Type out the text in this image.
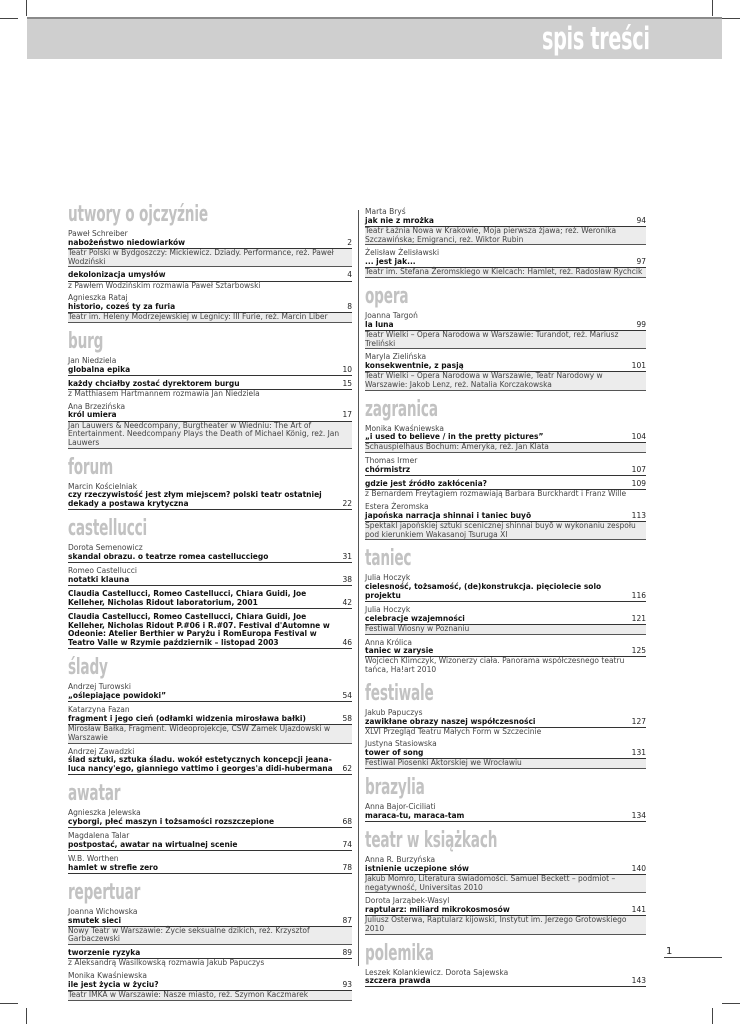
spis treści
utwory o ojczyźnie
Paweł Schreiber
nabożeństwo niedowiarków	2
Teatr Polski w Bydgoszczy: Mickiewicz. Dziady. Performance, reż. Paweł Wodziński
dekolonizacja umysłów	4
z Pawłem Wodzińskim rozmawia Paweł Sztarbowski
Agnieszka Rataj
historio, coześ ty za furia	8
Teatr im. Heleny Modrzejewskiej w Legnicy: III Furie, reż. Marcin Liber
burg
Jan Niedziela
globalna epika	10
każdy chciałby zostać dyrektorem burgu	15
z Matthiasem Hartmannem rozmawia Jan Niedziela
Ana Brzezińska
król umiera	17
Jan Lauwers & Needcompany, Burgtheater w Wiedniu: The Art of Entertainment. Needcompany Plays the Death of Michael König, reż. Jan Lauwers
forum
Marcin Kościelniak
czy rzeczywistość jest złym miejscem? polski teatr ostatniej dekady a postawa krytyczna	22
castellucci
Dorota Semenowicz
skandal obrazu. o teatrze romea castellucciego	31
Romeo Castellucci
notatki klauna	38
Claudia Castellucci, Romeo Castellucci, Chiara Guidi, Joe Kelleher, Nicholas Ridout laboratorium, 2001	42
Claudia Castellucci, Romeo Castellucci, Chiara Guidi, Joe Kelleher, Nicholas Ridout P.#06 i R.#07. Festival d'Automne w Odeonie: Atelier Berthier w Paryżu i RomEuropa Festival w Teatro Valle w Rzymie październik – listopad 2003	46
ślady
Andrzej Turowski
„oślepiające powidoki”	54
Katarzyna Fazan
fragment i jego cień (odłamki widzenia mirosława bałki)	58
Mirosław Bałka, Fragment. Wideoprojekcje, CSW Zamek Ujazdowski w Warszawie
Andrzej Zawadzki
ślad sztuki, sztuka śladu. wokół estetycznych koncepcji jeana-luca nancy'ego, gianniego vattimo i georges'a didi-hubermana	62
awatar
Agnieszka Jelewska
cyborgi, płeć maszyn i tożsamości rozszczepione	68
Magdalena Talar
postpostać, awatar na wirtualnej scenie	74
W.B. Worthen
hamlet w strefie zero	78
repertuar
Joanna Wichowska
smutek sieci	87
Nowy Teatr w Warszawie: Życie seksualne dzikich, reż. Krzysztof Garbaczewski
tworzenie ryzyka	89
z Aleksandrą Wasilkowską rozmawia Jakub Papuczys
Monika Kwaśniewska
ile jest życia w życiu?	93
Teatr IMKA w Warszawie: Nasze miasto, reż. Szymon Kaczmarek
Marta Bryś
jak nie z mrożka	94
Teatr Łaźnia Nowa w Krakowie, Moja pierwsza żjawa; reż. Weronika Szczawińska; Emigranci, reż. Wiktor Rubin
Żelisław Żelisławski
... jest jak...	97
Teatr im. Stefana Żeromskiego w Kielcach: Hamlet, reż. Radosław Rychcik
opera
Joanna Targoń
la luna	99
Teatr Wielki – Opera Narodowa w Warszawie: Turandot, reż. Mariusz Treliński
Maryla Zielińska
konsekwentnie, z pasją	101
Teatr Wielki – Opera Narodowa w Warszawie, Teatr Narodowy w Warszawie: Jakob Lenz, reż. Natalia Korczakowska
zagranica
Monika Kwaśniewska
„i used to believe / in the pretty pictures”	104
Schauspielhaus Bochum: Ameryka, reż. Jan Klata
Thomas Irmer
chórmistrz	107
gdzie jest źródło zakłócenia?	109
z Bernardem Freytagiem rozmawiają Barbara Burckhardt i Franz Wille
Estera Żeromska
japońska narracja shinnai i taniec buyō	113
Spektakl japońskiej sztuki scenicznej shinnai buyō w wykonaniu zespołu pod kierunkiem Wakasanoj Tsuruga XI
taniec
Julia Hoczyk
cielesność, tożsamość, (de)konstrukcja. pięciolecie solo projektu	116
Julia Hoczyk
celebracje wzajemności	121
Festiwal Wiosny w Poznaniu
Anna Królica
taniec w zarysie	125
Wojciech Klimczyk, Wizonerzy ciała. Panorama współczesnego teatru tańca, Ha!art 2010
festiwale
Jakub Papuczys
zawikłane obrazy naszej współczesności	127
XLVI Przegląd Teatru Małych Form w Szczecinie
Justyna Stasiowska
tower of song	131
Festiwal Piosenki Aktorskiej we Wrocławiu
brazylia
Anna Bajor-Ciciliati
maraca-tu, maraca-tam	134
teatr w książkach
Anna R. Burzyńska
istnienie uczepione słów	140
Jakub Momro, Literatura świadomości. Samuel Beckett – podmiot – negatywność, Universitas 2010
Dorota Jarząbek-Wasyl
raptularz: miliard mikrokosmosów	141
Juliusz Osterwa, Raptularz kijowski, Instytut im. Jerzego Grotowskiego 2010
polemika
Leszek Kolankiewicz. Dorota Sajewska
szczera prawda	143
1
